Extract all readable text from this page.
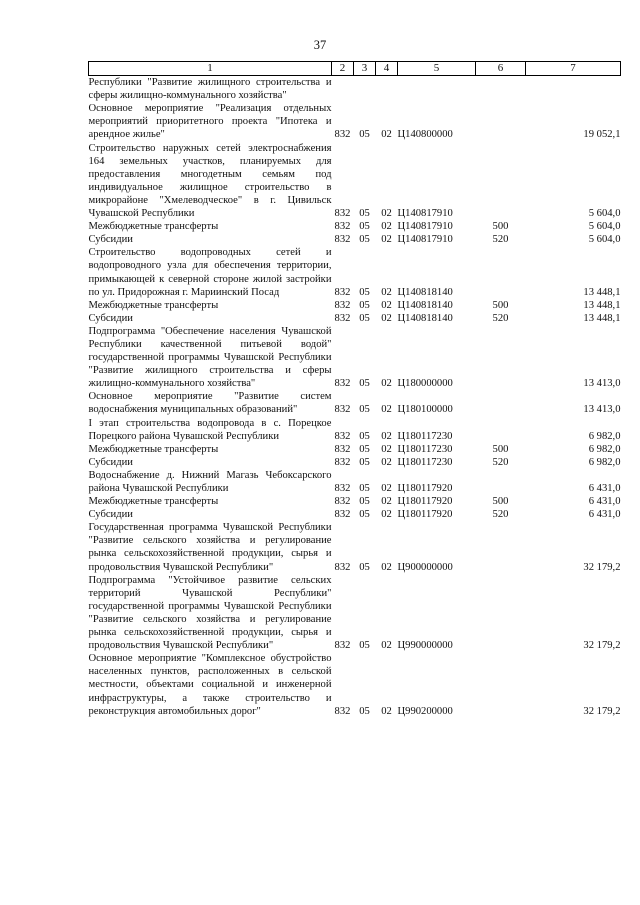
37
1	2	3	4	5	6	7
Республики "Развитие жилищного строительства и сферы жилищно-коммунального хозяйства"						
Основное мероприятие "Реализация отдельных мероприятий приоритетного проекта "Ипотека и арендное жилье"	832	05	02	Ц140800000		19 052,1
Строительство наружных сетей электроснабжения 164 земельных участков, планируемых для предоставления многодетным семьям под индивидуальное жилищное строительство в микрорайоне "Хмелеводческое" в г. Цивильск Чувашской Республики	832	05	02	Ц140817910		5 604,0
Межбюджетные трансферты	832	05	02	Ц140817910	500	5 604,0
Субсидии	832	05	02	Ц140817910	520	5 604,0
Строительство водопроводных сетей и водопроводного узла для обеспечения территории, примыкающей к северной стороне жилой застройки по ул. Придорожная г. Мариинский Посад	832	05	02	Ц140818140		13 448,1
Межбюджетные трансферты	832	05	02	Ц140818140	500	13 448,1
Субсидии	832	05	02	Ц140818140	520	13 448,1
Подпрограмма "Обеспечение населения Чувашской Республики качественной питьевой водой" государственной программы Чувашской Республики "Развитие жилищного строительства и сферы жилищно-коммунального хозяйства"	832	05	02	Ц180000000		13 413,0
Основное мероприятие "Развитие систем водоснабжения муниципальных образований"	832	05	02	Ц180100000		13 413,0
I этап строительства водопровода в с. Порецкое Порецкого района Чувашской Республики	832	05	02	Ц180117230		6 982,0
Межбюджетные трансферты	832	05	02	Ц180117230	500	6 982,0
Субсидии	832	05	02	Ц180117230	520	6 982,0
Водоснабжение д. Нижний Магазь Чебоксарского района Чувашской Республики	832	05	02	Ц180117920		6 431,0
Межбюджетные трансферты	832	05	02	Ц180117920	500	6 431,0
Субсидии	832	05	02	Ц180117920	520	6 431,0
Государственная программа Чувашской Республики "Развитие сельского хозяйства и регулирование рынка сельскохозяйственной продукции, сырья и продовольствия Чувашской Республики"	832	05	02	Ц900000000		32 179,2
Подпрограмма "Устойчивое развитие сельских территорий Чувашской Республики" государственной программы Чувашской Республики "Развитие сельского хозяйства и регулирование рынка сельскохозяйственной продукции, сырья и продовольствия Чувашской Республики"	832	05	02	Ц990000000		32 179,2
Основное мероприятие "Комплексное обустройство населенных пунктов, расположенных в сельской местности, объектами социальной и инженерной инфраструктуры, а также строительство и реконструкция автомобильных дорог"	832	05	02	Ц990200000		32 179,2
